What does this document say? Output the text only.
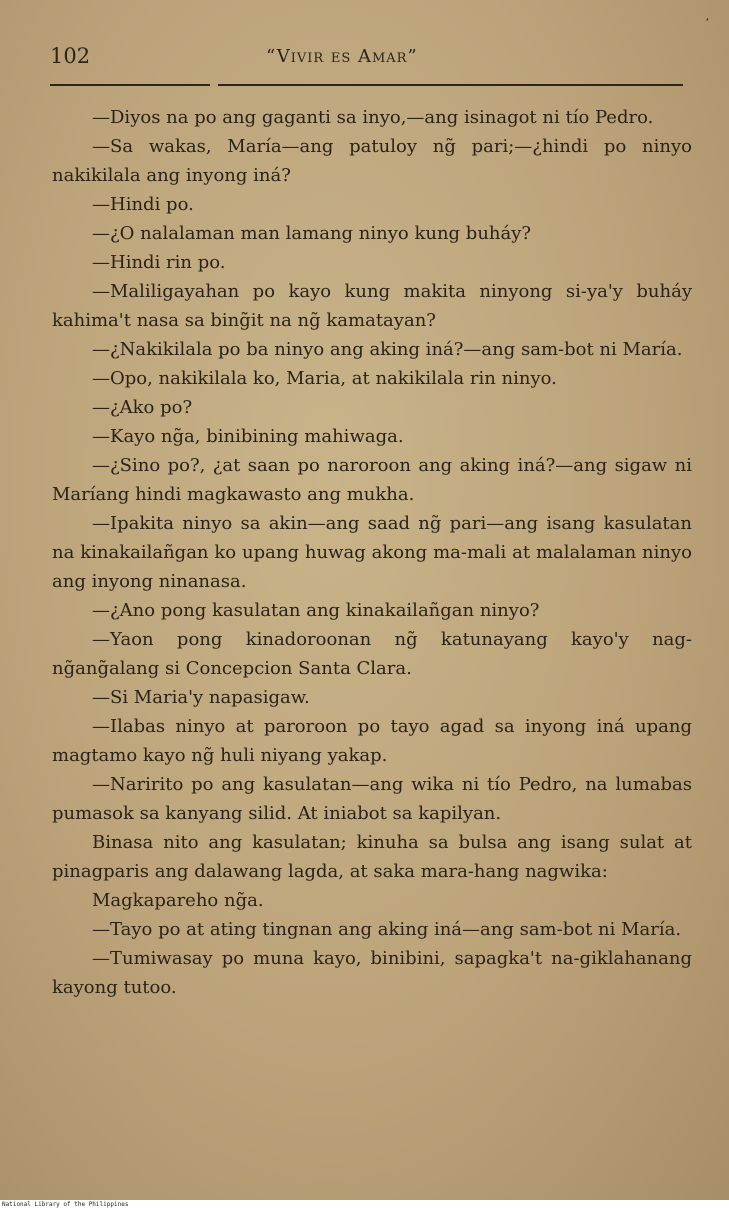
⸴
102	“Vivir es Amar”

—Diyos na po ang gaganti sa inyo,—ang isinagot ni tío Pedro.

—Sa wakas, María—ang patuloy ng̃ pari;—¿hindi po ninyo nakikilala ang inyong iná?

—Hindi po.

—¿O nalalaman man lamang ninyo kung buháy?

—Hindi rin po.

—Maliligayahan po kayo kung makita ninyong si-ya'y buháy kahima't nasa sa bing̃it na ng̃ kamatayan?

—¿Nakikilala po ba ninyo ang aking iná?—ang sam-bot ni María.

—Opo, nakikilala ko, Maria, at nakikilala rin ninyo.

—¿Ako po?

—Kayo ng̃a, binibining mahiwaga.

—¿Sino po?, ¿at saan po naroroon ang aking iná?—ang sigaw ni Maríang hindi magkawasto ang mukha.

—Ipakita ninyo sa akin—ang saad ng̃ pari—ang isang kasulatan na kinakailañgan ko upang huwag akong ma-mali at malalaman ninyo ang inyong ninanasa.

—¿Ano pong kasulatan ang kinakailañgan ninyo?

—Yaon pong kinadoroonan ng̃ katunayang kayo'y nag-ng̃ang̃alang si Concepcion Santa Clara.

—Si Maria'y napasigaw.

—Ilabas ninyo at paroroon po tayo agad sa inyong iná upang magtamo kayo ng̃ huli niyang yakap.

—Naririto po ang kasulatan—ang wika ni tío Pedro, na lumabas pumasok sa kanyang silid. At iniabot sa kapilyan.

Binasa nito ang kasulatan; kinuha sa bulsa ang isang sulat at pinagparis ang dalawang lagda, at saka mara-hang nagwika:

Magkapareho ng̃a.

—Tayo po at ating tingnan ang aking iná—ang sam-bot ni María.

—Tumiwasay po muna kayo, binibini, sapagka't na-giklahanang kayong tutoo.

National Library of the Philippines
